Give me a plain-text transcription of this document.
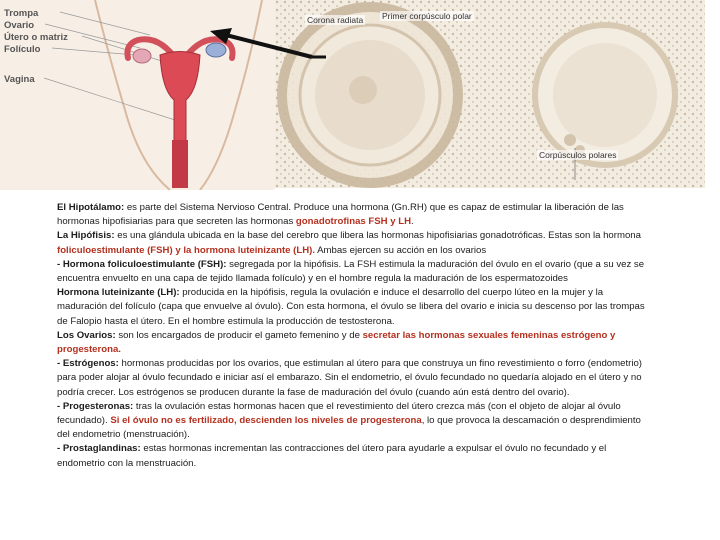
Trompa
Ovario
Útero o matriz
Folículo
Vagina
Corona radiata Primer corpúsculo polar
Corpúsculos polares

El Hipotálamo: es parte del Sistema Nervioso Central. Produce una hormona (Gn.RH) que es capaz de estimular la liberación de las hormonas hipofisiarias para que secreten las hormonas gonadotrofinas FSH y LH.

La Hipófisis: es una glándula ubicada en la base del cerebro que libera las hormonas hipofisiarias gonadotróficas. Estas son la hormona foliculoestimulante (FSH) y la hormona luteinizante (LH). Ambas ejercen su acción en los ovarios

- Hormona foliculoestimulante (FSH): segregada por la hipófisis. La FSH estimula la maduración del óvulo en el ovario (que a su vez se encuentra envuelto en una capa de tejido llamada folículo) y en el hombre regula la maduración de los espermatozoides

Hormona luteinizante (LH): producida en la hipófisis, regula la ovulación e induce el desarrollo del cuerpo lúteo en la mujer y la maduración del folículo (capa que envuelve al óvulo). Con esta hormona, el óvulo se libera del ovario e inicia su descenso por las trompas de Falopio hasta el útero. En el hombre estimula la producción de testosterona.

Los Ovarios: son los encargados de producir el gameto femenino y de secretar las hormonas sexuales femeninas estrógeno y progesterona.

- Estrógenos: hormonas producidas por los ovarios, que estimulan al útero para que construya un fino revestimiento o forro (endometrio) para poder alojar al óvulo fecundado e iniciar así el embarazo. Sin el endometrio, el óvulo fecundado no quedaría alojado en el útero y no podría crecer. Los estrógenos se producen durante la fase de maduración del óvulo (cuando aún está dentro del ovario).

- Progesteronas: tras la ovulación estas hormonas hacen que el revestimiento del útero crezca más (con el objeto de alojar al óvulo fecundado). Si el óvulo no es fertilizado, descienden los niveles de progesterona, lo que provoca la descamación o desprendimiento del endometrio (menstruación).

- Prostaglandinas: estas hormonas incrementan las contracciones del útero para ayudarle a expulsar el óvulo no fecundado y el endometrio con la menstruación.
